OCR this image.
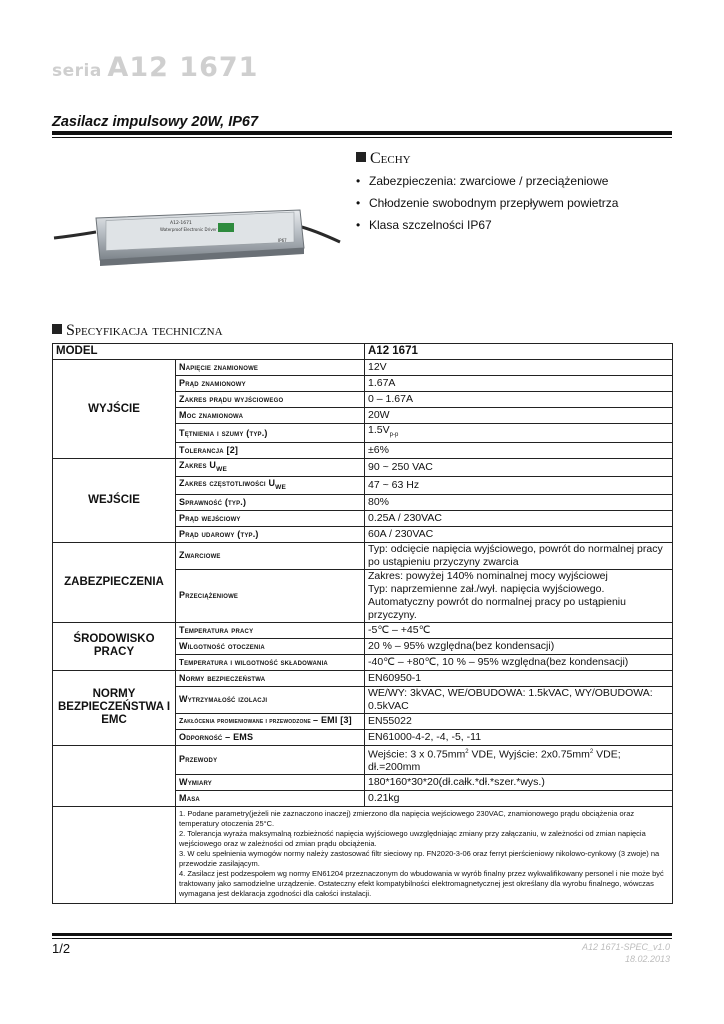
seria A12 1671
Zasilacz impulsowy 20W, IP67
A12-1671
Waterproof Electronic Driver
IP67
Cechy
• Zabezpieczenia: zwarciowe / przeciążeniowe
• Chłodzenie swobodnym przepływem powietrza
• Klasa szczelności IP67
Specyfikacja techniczna
MODEL		A12 1671
WYJŚCIE	Napięcie znamionowe	12V
	Prąd znamionowy	1.67A
	Zakres prądu wyjściowego	0 – 1.67A
	Moc znamionowa	20W
	Tętnienia i szumy (typ.)	$1.5V_{p-p}$
	Tolerancja [2]	±6%
WEJŚCIE	Zakres $U_{WE}$	90 ~ 250 VAC
	Zakres częstotliwości $U_{WE}$	47 ~ 63 Hz
	Sprawność (typ.)	80%
	Prąd wejściowy	0.25A / 230VAC
	Prąd udarowy (typ.)	60A / 230VAC
ZABEZPIECZENIA	Zwarciowe	Typ: odcięcie napięcia wyjściowego, powrót do normalnej pracy po ustąpieniu przyczyny zwarcia
	Przeciążeniowe	Zakres: powyżej 140% nominalnej mocy wyjściowej
Typ: naprzemienne zał./wył. napięcia wyjściowego. Automatyczny powrót do normalnej pracy po ustąpieniu przyczyny.

ŚRODOWISKO PRACY	Temperatura pracy	-5℃ – +45℃
	Wilgotność otoczenia	20 % – 95% względna(bez kondensacji)
	Temperatura i wilgotność składowania	-40℃ – +80℃, 10 % – 95% względna(bez kondensacji)
NORMY BEZPIECZEŃSTWA I EMC	Normy bezpieczeństwa	EN60950-1
	Wytrzymałość izolacji	WE/WY: 3kVAC, WE/OBUDOWA: 1.5kVAC, WY/OBUDOWA: 0.5kVAC
	Zakłócenia promieniowane i przewodzone – EMI [3]	EN55022
	Odporność – EMS	EN61000-4-2, -4, -5, -11
	Przewody	Wejście: 3 x $0.75mm^2$ VDE, Wyjście: $2x0.75mm^2$ VDE; dł.=200mm
	Wymiary	180*160*30*20(dł.całk.*dł.*szer.*wys.)
	Masa	0.21kg

	1. Podane parametry(jeżeli nie zaznaczono inaczej) zmierzono dla napięcia wejściowego 230VAC, znamionowego prądu obciążenia oraz temperatury otoczenia 25°C.
2. Tolerancja wyraża maksymalną rozbieżność napięcia wyjściowego uwzględniając zmiany przy załączaniu, w zależności od zmian napięcia wejściowego oraz w zależności od zmian prądu obciążenia.
3. W celu spełnienia wymogów normy należy zastosować filtr sieciowy np. FN2020-3-06 oraz ferryt pierścieniowy nikolowo-cynkowy (3 zwoje) na przewodzie zasilającym.
4. Zasilacz jest podzespołem wg normy EN61204 przeznaczonym do wbudowania w wyrób finalny przez wykwalifikowany personel i nie może być traktowany jako samodzielne urządzenie. Ostateczny efekt kompatybilności elektromagnetycznej jest określany dla wyrobu finalnego, wówczas wymagana jest deklaracja zgodności dla całości instalacji.	
1/2	A12 1671-SPEC_v1.0
18.02.2013
